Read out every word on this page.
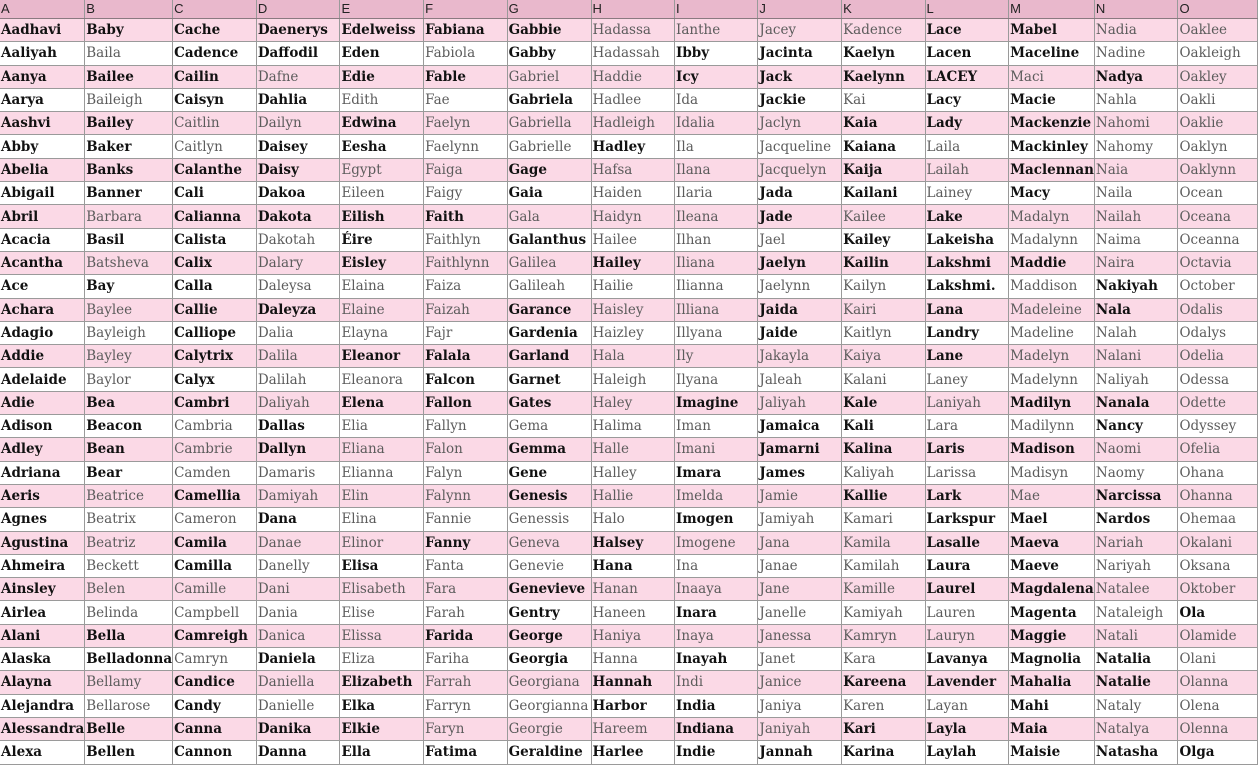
A	B	C	D	E	F	G	H	I	J	K	L	M	N	O
Aadhavi	Baby	Cache	Daenerys	Edelweiss	Fabiana	Gabbie	Hadassa	Ianthe	Jacey	Kadence	Lace	Mabel	Nadia	Oaklee
Aaliyah	Baila	Cadence	Daffodil	Eden	Fabiola	Gabby	Hadassah	Ibby	Jacinta	Kaelyn	Lacen	Maceline	Nadine	Oakleigh
Aanya	Bailee	Cailin	Dafne	Edie	Fable	Gabriel	Haddie	Icy	Jack	Kaelynn	LACEY	Maci	Nadya	Oakley
Aarya	Baileigh	Caisyn	Dahlia	Edith	Fae	Gabriela	Hadlee	Ida	Jackie	Kai	Lacy	Macie	Nahla	Oakli
Aashvi	Bailey	Caitlin	Dailyn	Edwina	Faelyn	Gabriella	Hadleigh	Idalia	Jaclyn	Kaia	Lady	Mackenzie	Nahomi	Oaklie
Abby	Baker	Caitlyn	Daisey	Eesha	Faelynn	Gabrielle	Hadley	Ila	Jacqueline	Kaiana	Laila	Mackinley	Nahomy	Oaklyn
Abelia	Banks	Calanthe	Daisy	Egypt	Faiga	Gage	Hafsa	Ilana	Jacquelyn	Kaija	Lailah	Maclennan	Naia	Oaklynn
Abigail	Banner	Cali	Dakoa	Eileen	Faigy	Gaia	Haiden	Ilaria	Jada	Kailani	Lainey	Macy	Naila	Ocean
Abril	Barbara	Calianna	Dakota	Eilish	Faith	Gala	Haidyn	Ileana	Jade	Kailee	Lake	Madalyn	Nailah	Oceana
Acacia	Basil	Calista	Dakotah	Éire	Faithlyn	Galanthus	Hailee	Ilhan	Jael	Kailey	Lakeisha	Madalynn	Naima	Oceanna
Acantha	Batsheva	Calix	Dalary	Eisley	Faithlynn	Galilea	Hailey	Iliana	Jaelyn	Kailin	Lakshmi	Maddie	Naira	Octavia
Ace	Bay	Calla	Daleysa	Elaina	Faiza	Galileah	Hailie	Ilianna	Jaelynn	Kailyn	Lakshmi.	Maddison	Nakiyah	October
Achara	Baylee	Callie	Daleyza	Elaine	Faizah	Garance	Haisley	Illiana	Jaida	Kairi	Lana	Madeleine	Nala	Odalis
Adagio	Bayleigh	Calliope	Dalia	Elayna	Fajr	Gardenia	Haizley	Illyana	Jaide	Kaitlyn	Landry	Madeline	Nalah	Odalys
Addie	Bayley	Calytrix	Dalila	Eleanor	Falala	Garland	Hala	Ily	Jakayla	Kaiya	Lane	Madelyn	Nalani	Odelia
Adelaide	Baylor	Calyx	Dalilah	Eleanora	Falcon	Garnet	Haleigh	Ilyana	Jaleah	Kalani	Laney	Madelynn	Naliyah	Odessa
Adie	Bea	Cambri	Daliyah	Elena	Fallon	Gates	Haley	Imagine	Jaliyah	Kale	Laniyah	Madilyn	Nanala	Odette
Adison	Beacon	Cambria	Dallas	Elia	Fallyn	Gema	Halima	Iman	Jamaica	Kali	Lara	Madilynn	Nancy	Odyssey
Adley	Bean	Cambrie	Dallyn	Eliana	Falon	Gemma	Halle	Imani	Jamarni	Kalina	Laris	Madison	Naomi	Ofelia
Adriana	Bear	Camden	Damaris	Elianna	Falyn	Gene	Halley	Imara	James	Kaliyah	Larissa	Madisyn	Naomy	Ohana
Aeris	Beatrice	Camellia	Damiyah	Elin	Falynn	Genesis	Hallie	Imelda	Jamie	Kallie	Lark	Mae	Narcissa	Ohanna
Agnes	Beatrix	Cameron	Dana	Elina	Fannie	Genessis	Halo	Imogen	Jamiyah	Kamari	Larkspur	Mael	Nardos	Ohemaa
Agustina	Beatriz	Camila	Danae	Elinor	Fanny	Geneva	Halsey	Imogene	Jana	Kamila	Lasalle	Maeva	Nariah	Okalani
Ahmeira	Beckett	Camilla	Danelly	Elisa	Fanta	Genevie	Hana	Ina	Janae	Kamilah	Laura	Maeve	Nariyah	Oksana
Ainsley	Belen	Camille	Dani	Elisabeth	Fara	Genevieve	Hanan	Inaaya	Jane	Kamille	Laurel	Magdalena	Natalee	Oktober
Airlea	Belinda	Campbell	Dania	Elise	Farah	Gentry	Haneen	Inara	Janelle	Kamiyah	Lauren	Magenta	Nataleigh	Ola
Alani	Bella	Camreigh	Danica	Elissa	Farida	George	Haniya	Inaya	Janessa	Kamryn	Lauryn	Maggie	Natali	Olamide
Alaska	Belladonna	Camryn	Daniela	Eliza	Fariha	Georgia	Hanna	Inayah	Janet	Kara	Lavanya	Magnolia	Natalia	Olani
Alayna	Bellamy	Candice	Daniella	Elizabeth	Farrah	Georgiana	Hannah	Indi	Janice	Kareena	Lavender	Mahalia	Natalie	Olanna
Alejandra	Bellarose	Candy	Danielle	Elka	Farryn	Georgianna	Harbor	India	Janiya	Karen	Layan	Mahi	Nataly	Olena
Alessandra	Belle	Canna	Danika	Elkie	Faryn	Georgie	Hareem	Indiana	Janiyah	Kari	Layla	Maia	Natalya	Olenna
Alexa	Bellen	Cannon	Danna	Ella	Fatima	Geraldine	Harlee	Indie	Jannah	Karina	Laylah	Maisie	Natasha	Olga
